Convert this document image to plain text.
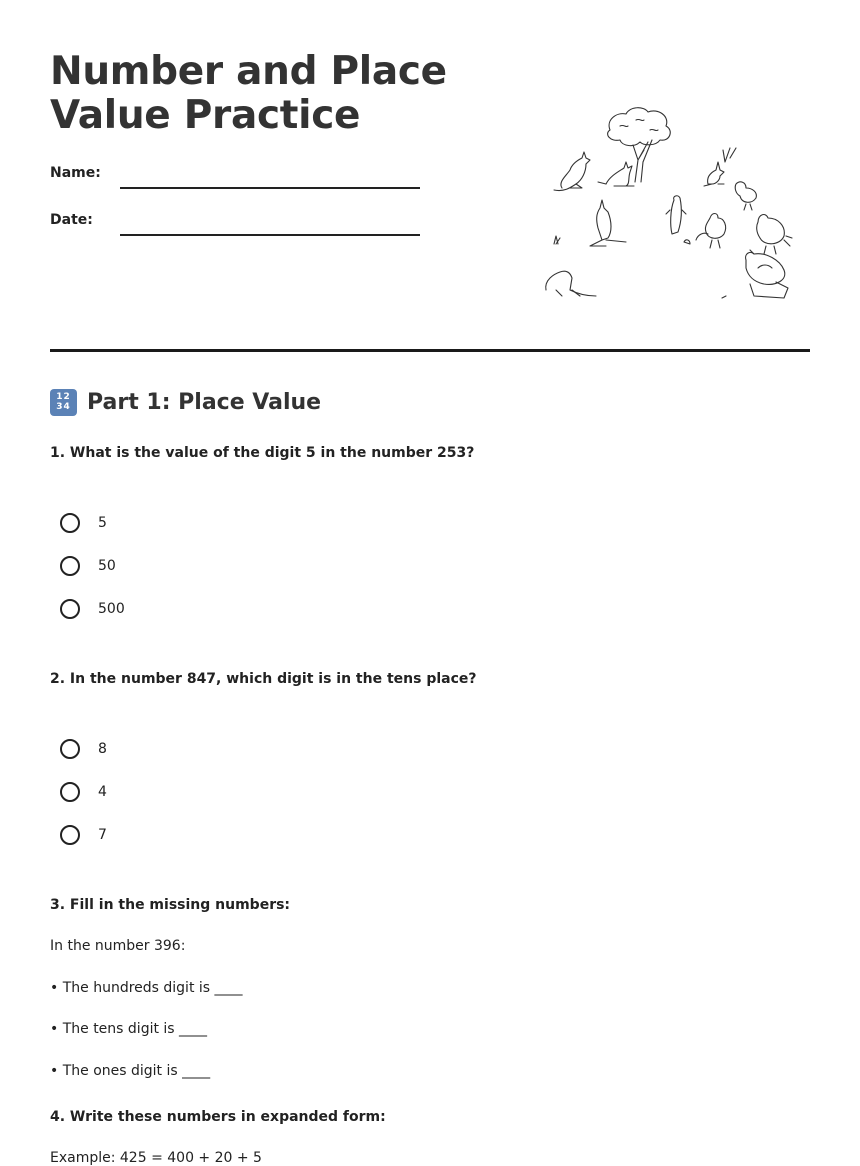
Number and Place Value Practice
Name:
Date:
12
34 Part 1: Place Value
1. What is the value of the digit 5 in the number 253?
5
50
500
2. In the number 847, which digit is in the tens place?
8
4
7
3. Fill in the missing numbers:
In the number 396:
• The hundreds digit is ____
• The tens digit is ____
• The ones digit is ____
4. Write these numbers in expanded form:
Example: 425 = 400 + 20 + 5
